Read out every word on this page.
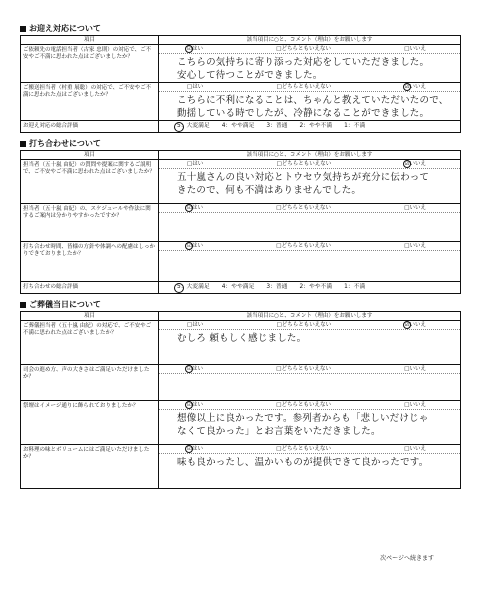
お迎え対応について
項目	該当項目に○と、コメント（理由）をお願いします
ご依頼先の電話担当者（古家 忠則）の対応で、ご不安やご不満に思われた点はございましたか？	☑はい □どちらともいえない □いいえ
こちらの気持ちに寄り添った対応をしていただきました。
安心して待つことができました。

ご搬送担当者（村重 展聡）の対応で、ご不安やご不満に思われた点はございましたか？	□はい □どちらともいえない ☑いいえ
こちらに不利になることは、ちゃんと教えていただいたので、
動揺している時でしたが、冷静になることができました。

お迎え対応の総合評価	5：大変満足 4：やや満足 3：普通 2：やや不満 1：不満
打ち合わせについて
項目	該当項目に○と、コメント（理由）をお願いします
担当者（五十嵐 由紀）の質問や提案に関するご説明で、ご不安やご不満に思われた点はございましたか？	□はい □どちらともいえない ☑いいえ
五十嵐さんの良い対応とトウセウ気持ちが充分に伝わって
きたので、何も不満はありませんでした。

担当者（五十嵐 由紀）の、スケジュールや作法に関するご案内は分かりやすかったですか？	☑はい □どちらともいえない □いいえ

打ち合わせ時間、皆様の方針や体調への配慮はしっかりできておりましたか？	☑はい □どちらともいえない □いいえ

打ち合わせの総合評価	5：大変満足 4：やや満足 3：普通 2：やや不満 1：不満
ご葬儀当日について
項目	該当項目に○と、コメント（理由）をお願いします
ご葬儀担当者（五十嵐 由紀）の対応で、ご不安やご不満に思われた点はございましたか？	□はい □どちらともいえない ☑いいえ
むしろ 頼もしく感じました。

司会の進め方、声の大きさはご満足いただけましたか？	☑はい □どちらともいえない □いいえ

祭壇はイメージ通りに飾られておりましたか？	☑はい □どちらともいえない □いいえ
想像以上に良かったです。参列者からも「悲しいだけじゃ
なくて良かった」とお言葉をいただきました。

お料理の味とボリュームにはご満足いただけましたか？	☑はい □どちらともいえない □いいえ
味も良かったし、温かいものが提供できて良かったです。
次ページへ続きます
